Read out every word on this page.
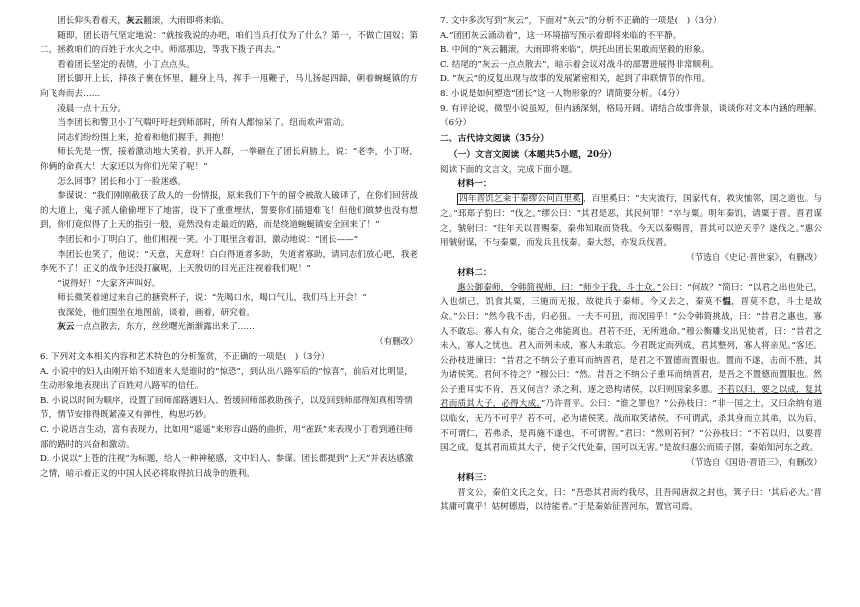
团长仰头看着天，灰云翻滚，大雨即将来临。

随即，团长语气坚定地说：“就按我说的办吧，咱们当兵打仗为了什么？第一，不做亡国奴；第二，拯救咱们的百姓于水火之中。师部那边，等我下拨子再去。”

看着团长坚定的表情，小丁点点头。

团长脚开上长，择孩子裹在怀里，翻身上马，挥手一甩鞭子，马儿扬起四蹄，朝着蜿蜒镇的方向飞奔而去……

凌晨一点十五分。

当李团长和警卫小丁气喘吁吁赶到师部时，所有人都惊呆了。纽而欢声雷动。

同志们纷纷围上来，抢着和他们握手，拥抱！

师长先是一愣，接着激动地大笑着，扒开人群，一拳砸在了团长肩膀上，说：“老李，小丁呀，你俩的命真大！大家还以为你们光荣了呢！”

怎么回事？团长和小丁一脸迷惑。

参谋说：“我们刚刚截获了敌人的一份情报，原来我们下午的留令被敌人破译了，在你们回营战的大道上，鬼子派人偷偷埋下了地雷，设下了重重埋伏，誓要你们插翅难飞！但他们做梦也没有想到，你们竟似得了上天的指引一般，竟然没有走最近的路，而是绕道蜿蜒镇安全回来了！”

李团长和小丁明白了，他们相视一笑。小丁眼里含着泪，激动地说：“团长——”

李团长也笑了，他说：“天意，天意呀！白白得道者多助，失道者寡助，请同志们放心吧，我老李死不了！正义的战争还没打赢呢，上天殷切的目光正注视着我们呢！”

“说得好！”大家齐声叫好。

师长微笑着递过来自己的搪瓷杯子，说：“先喝口水，喝口气儿，我们马上开会！”

夜深处，他们围坐在地图前，谈着，画着，研究着。

灰云一点点散去，东方，丝丝曙光渐渐露出来了……

（有删改）

6. 下列对文本相关内容和艺术特色的分析鉴赏，不正确的一项是(　)（3分）

A. 小说中的妇人由刚开始不知道来人是谁时的“惊恐”，到认出八路军后的“惊喜”，前后对比明显，生动形象地表现出了百姓对八路军的信任。

B. 小说以时间为顺序，设置了回师部路遇妇人、暂缓回师部救助孩子，以及回到师部得知真相等情节，情节安排得既紧凑又有弹性，构思巧妙。

C. 小说语言生动，富有表现力，比如用“遥遥”来形容山路的曲折，用“雀跃”来表现小丁看到通往师部的路时的兴奋和激动。

D. 小说以“上苍的注视”为标题，给人一种神秘感，文中妇人、参谋、团长都提到“上天”并表达感激之情，暗示着正义的中国人民必将取得抗日战争的胜利。

7. 文中多次写到“灰云”，下面对“灰云”的分析不正确的一项是(　)（3分）

A.“团团灰云涌动着”，这一环境描写预示着即将来临的不平静。

B. 中间的“灰云翻滚，大雨即将来临”，烘托出团长果敢而坚毅的形象。

C. 结尾的“灰云一点点散去”，暗示着会议对战斗的部署进展得非常顺利。

D. “灰云”的反复出现与故事的发展紧密相关，起到了串联情节的作用。

8. 小说是如何塑造“团长”这一人物形象的？请简要分析。（4分）

9. 有评论说，微型小说虽短，但内涵深刻，格局开阔。请结合故事背景，谈谈你对文本内涵的理解。（6分）

二、古代诗文阅读（35分）

（一）文言文阅读（本题共5小题，20分）

阅读下面的文言文，完成下面小题。

材料一：

四年晋饥乞籴于秦缪公问百里奚 ，百里奚曰：“夫灾流行，国家代有，救灾恤邻，国之道也。与之。”邳郑子豹曰：“伐之。”缪公曰：“其君是恶，其民何罪！”卒与粟。明年秦饥，请粟于晋。晋君谋之，虢射曰：“往年天以晋赐秦，秦弗知取而贷我。今天以秦赐晋，晋其可以逆天乎？遂伐之。”惠公用虢射谋，不与秦粟，而发兵且伐秦。秦大怒，亦发兵伐晋。

（节选自《史记·晋世家》，有删改）

材料二：

惠公御秦师，令韩简视师，曰：“师少于我，斗士众。”公曰：“何故？”简曰：“以君之出也处己，入也烦己，饥食其粟，三施而无报，故徙兵于秦师。今又去之，秦莫不愠，晋莫不怠，斗士是故众。”公曰：“然今我不击，归必狃。一夫不可狃，而况国乎！”公令韩简挑战，曰：“昔君之惠也，寡人不敢忘。寡人有众，能合之弗能离也。君若不还，无所逃命。”穆公衡雕戈出见使者，曰：“昔君之未入，寡人之忧也。君入而列未成，寡人未敢忘。今君既定而列成，君其整列，寡人将亲见。”客还。公孙枝进谏曰：“昔君之不纳公子重耳而纳晋君，是君之不置德而置服也。置而不遂，击而不胜，其为诸侯笑。君何不待之？”穆公曰：“然。昔吾之不纳公子重耳而纳晋君，是吾之不置德而置服也。然公子重耳实不肯，吾又何言？杀之利，逐之恐构诸侯，以归则国家多慝。不若以归，要之以成，复其君而质其大子，必得大成。”乃许晋平。公曰：“谁之罪也？”公孙枝曰：“非一国之士，又曰余纳有道以临女，无乃不可乎？若不可，必为诸侯笑。战而取笑诸侯，不可谓武，杀其身而立其弟，以为后，不可谓仁，若弗杀，是再施不遂也，不可谓智。”君曰：“然则若何？”公孙枝曰：“不若以归，以要晋国之成，复其君而质其大子，使子父代处秦，国可以无害。”是故归惠公而质子圉，秦始知河东之政。

（节选自《国语·晋语三》，有删改）

材料三：

晋文公，秦伯文氏之女，曰：“吾恐其君而约我尽，且吾闻唐叔之封也，箕子曰：‘其后必大。’晋其庸可冀乎！姑树德焉，以待能者。”于是秦始征晋河东，置官司焉。
